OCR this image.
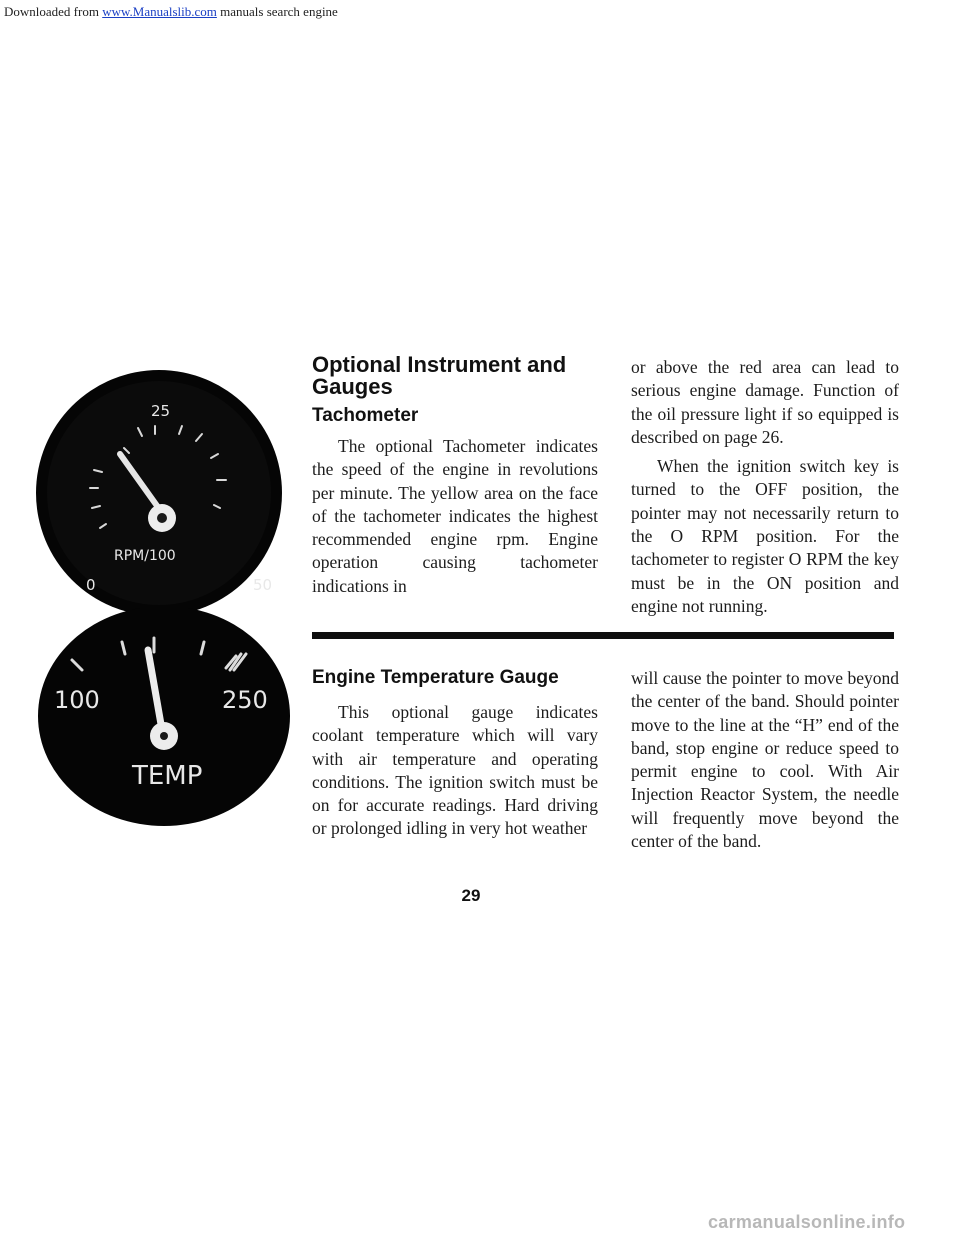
Downloaded from www.Manualslib.com manuals search engine
25
RPM/100
0	50
100	250
TEMP
Optional Instrument and
Gauges
Tachometer

The optional Tachometer indicates the speed of the engine in revolutions per minute. The yellow area on the face of the tachometer indicates the highest recommended engine rpm. Engine operation causing tachometer indications in

or above the red area can lead to serious engine damage. Function of the oil pressure light if so equipped is described on page 26.

When the ignition switch key is turned to the OFF position, the pointer may not necessarily return to the O RPM position. For the tachometer to register O RPM the key must be in the ON position and engine not running.

Engine Temperature Gauge

This optional gauge indicates coolant temperature which will vary with air temperature and operating conditions. The ignition switch must be on for accurate readings. Hard driving or prolonged idling in very hot weather

will cause the pointer to move beyond the center of the band. Should pointer move to the line at the “H” end of the band, stop engine or reduce speed to permit engine to cool. With Air Injection Reactor System, the needle will frequently move beyond the center of the band.

29
carmanualsonline.info
